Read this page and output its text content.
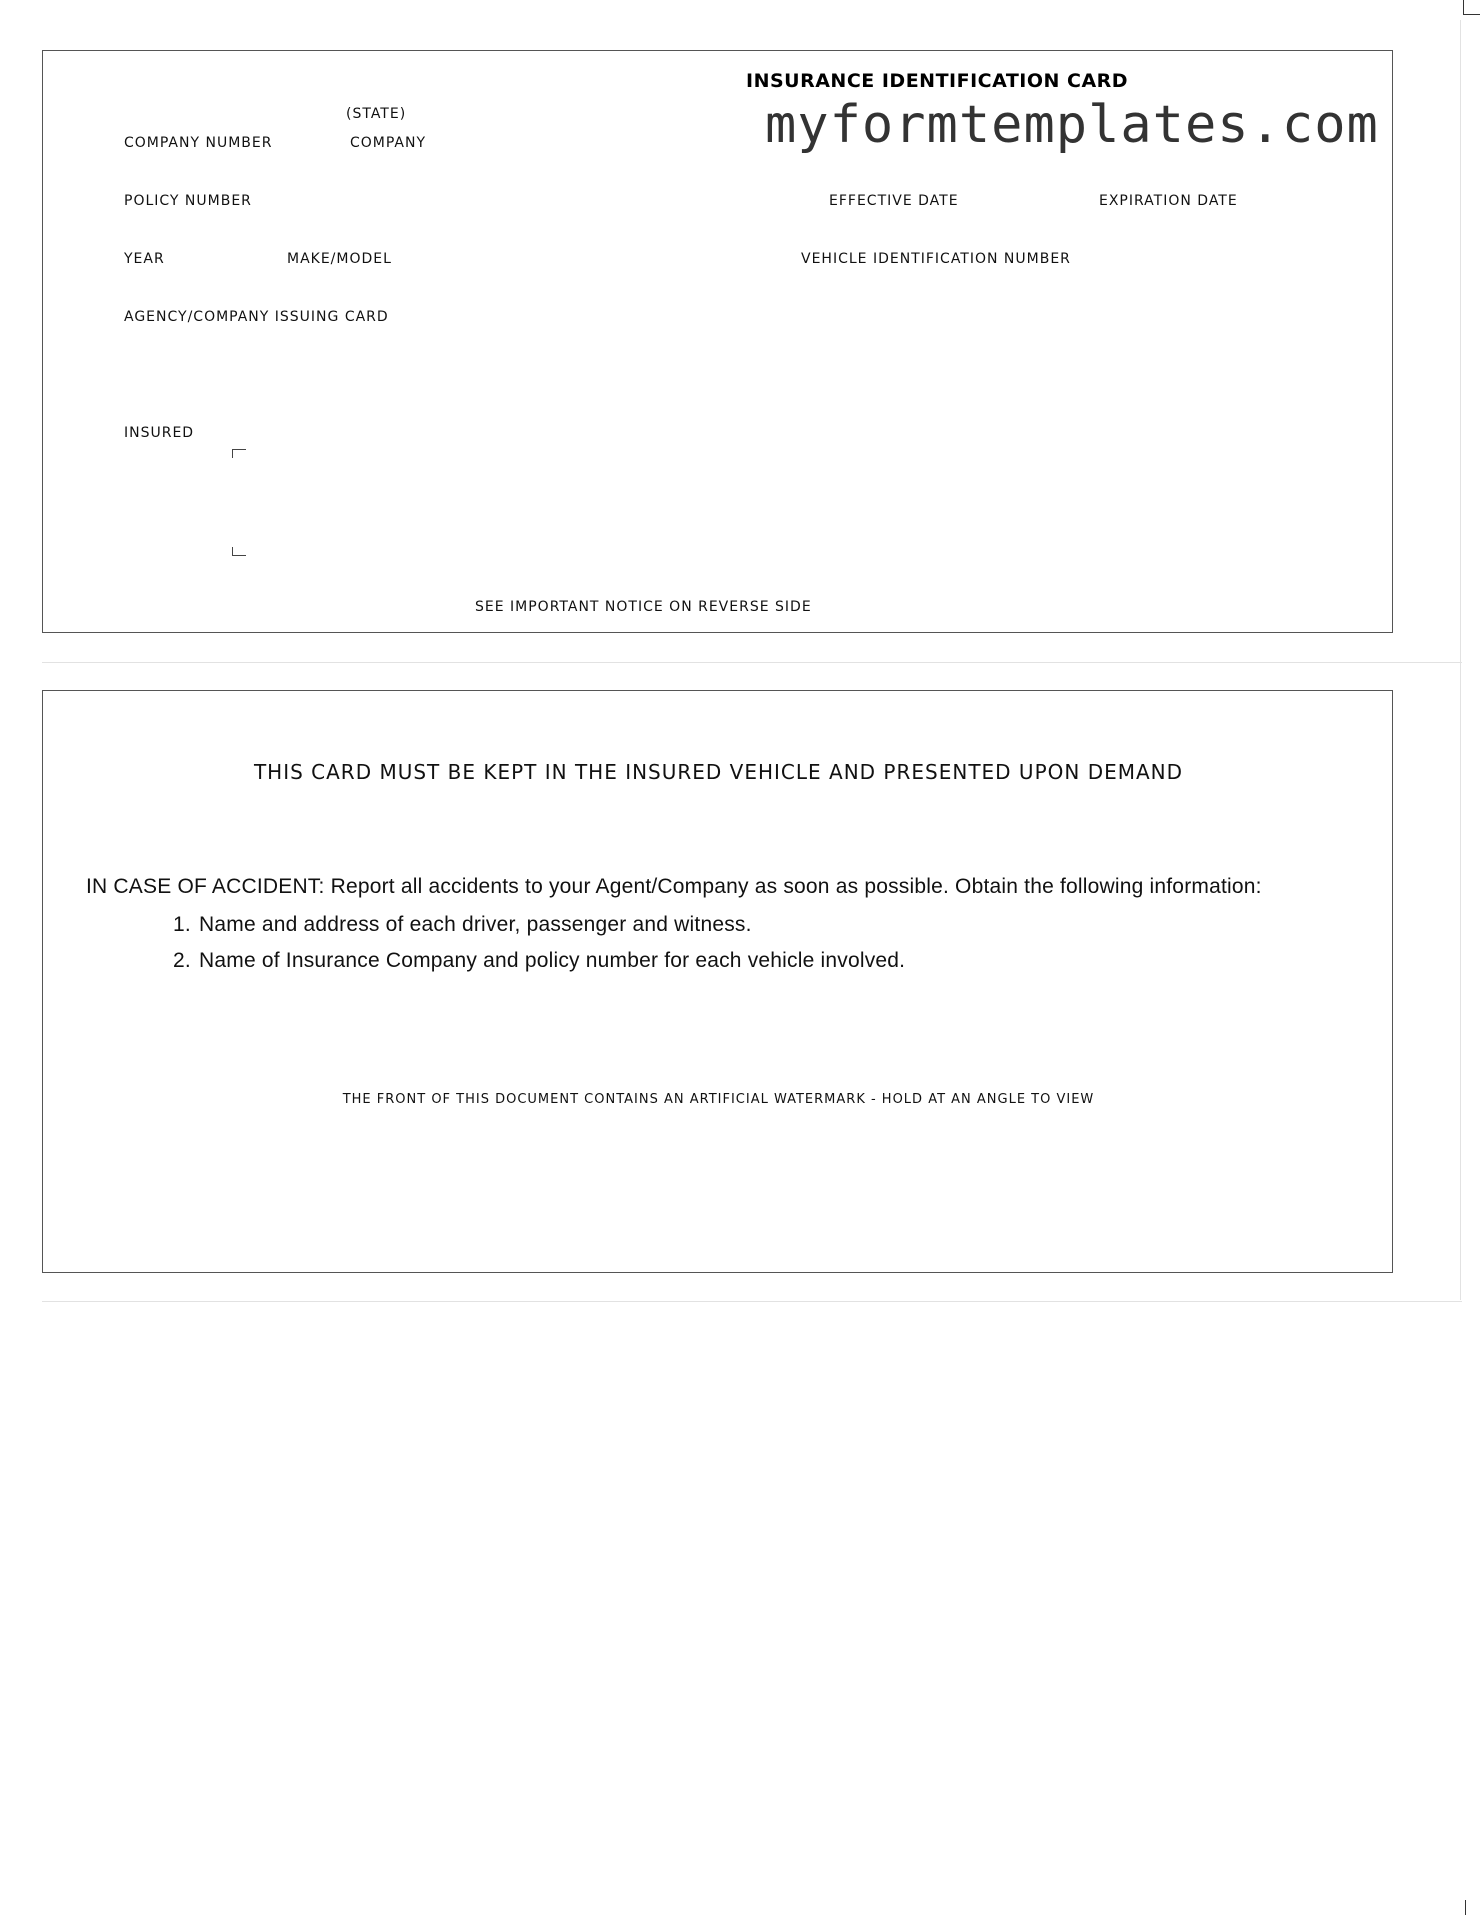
myformtemplates.com
INSURANCE IDENTIFICATION CARD
(STATE)
COMPANY NUMBER	COMPANY
POLICY NUMBER	EFFECTIVE DATE	EXPIRATION DATE
YEAR	MAKE/MODEL	VEHICLE IDENTIFICATION NUMBER
AGENCY/COMPANY ISSUING CARD
INSURED
SEE IMPORTANT NOTICE ON REVERSE SIDE
THIS CARD MUST BE KEPT IN THE INSURED VEHICLE AND PRESENTED UPON DEMAND
IN CASE OF ACCIDENT: Report all accidents to your Agent/Company as soon as possible. Obtain the following information:
1. Name and address of each driver, passenger and witness.
2. Name of Insurance Company and policy number for each vehicle involved.
THE FRONT OF THIS DOCUMENT CONTAINS AN ARTIFICIAL WATERMARK - HOLD AT AN ANGLE TO VIEW
